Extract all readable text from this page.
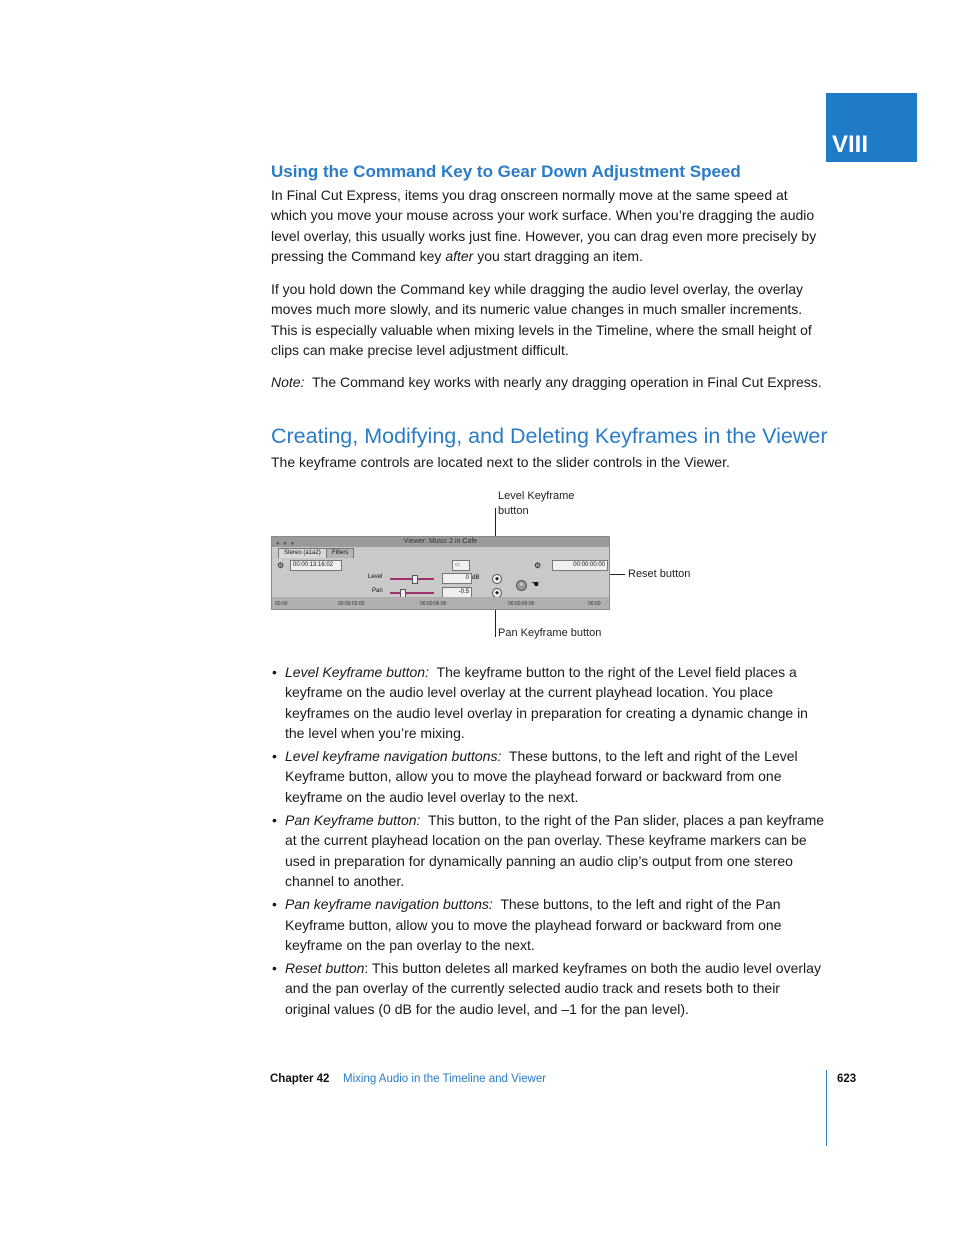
VIII
Using the Command Key to Gear Down Adjustment Speed

In Final Cut Express, items you drag onscreen normally move at the same speed at which you move your mouse across your work surface. When you’re dragging the audio level overlay, this usually works just fine. However, you can drag even more precisely by pressing the Command key after you start dragging an item.

If you hold down the Command key while dragging the audio level overlay, the overlay moves much more slowly, and its numeric value changes in much smaller increments. This is especially valuable when mixing levels in the Timeline, where the small height of clips can make precise level adjustment difficult.

Note: The Command key works with nearly any dragging operation in Final Cut Express.

Creating, Modifying, and Deleting Keyframes in the Viewer

The keyframe controls are located next to the slider controls in the Viewer.

Level Keyframe
button
Reset button
Pan Keyframe button
● ● ●	Viewer: Music 2 in Cafe
Stereo (a1a2)	Filters
⚙	00:00:13:16:02	▭	⚙	00:00:00:00
Level	0 dB	◆
✕ ☚
Pan	-0.5	◆
00:00	00:00:03:00	00:00:06:00	00:00:09:00	00:00
• Level Keyframe button: The keyframe button to the right of the Level field places a keyframe on the audio level overlay at the current playhead location. You place keyframes on the audio level overlay in preparation for creating a dynamic change in the level when you’re mixing.
• Level keyframe navigation buttons: These buttons, to the left and right of the Level Keyframe button, allow you to move the playhead forward or backward from one keyframe on the audio level overlay to the next.
• Pan Keyframe button: This button, to the right of the Pan slider, places a pan keyframe at the current playhead location on the pan overlay. These keyframe markers can be used in preparation for dynamically panning an audio clip’s output from one stereo channel to another.
• Pan keyframe navigation buttons: These buttons, to the left and right of the Pan Keyframe button, allow you to move the playhead forward or backward from one keyframe on the pan overlay to the next.
• Reset button: This button deletes all marked keyframes on both the audio level overlay and the pan overlay of the currently selected audio track and resets both to their original values (0 dB for the audio level, and –1 for the pan level).
Chapter 42 Mixing Audio in the Timeline and Viewer	623
